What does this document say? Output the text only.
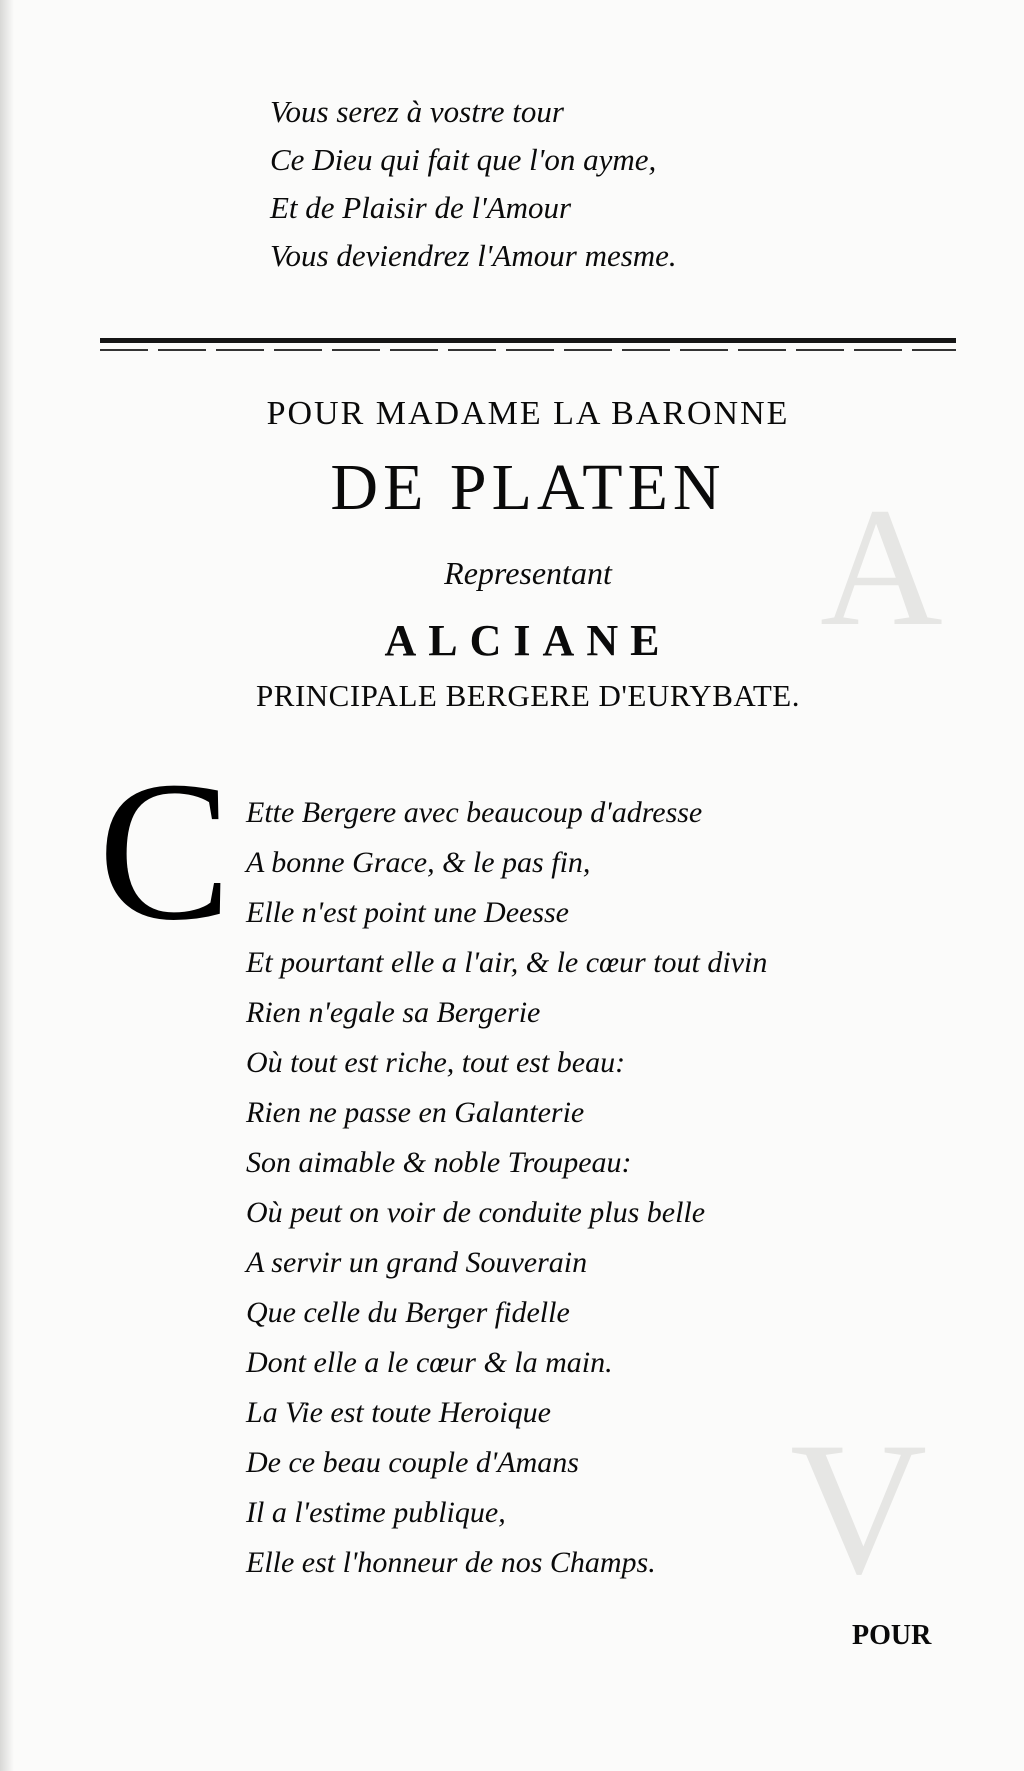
A
V
Vous serez à vostre tour
Ce Dieu qui fait que l'on ayme,
Et de Plaisir de l'Amour
Vous deviendrez l'Amour mesme.
POUR MADAME LA BARONNE
DE PLATEN
Representant
ALCIANE
PRINCIPALE BERGERE D'EURYBATE.
C Ette Bergere avec beaucoup d'adresse
A bonne Grace, & le pas fin,
Elle n'est point une Deesse
Et pourtant elle a l'air, & le cœur tout divin
Rien n'egale sa Bergerie
Où tout est riche, tout est beau:
Rien ne passe en Galanterie
Son aimable & noble Troupeau:
Où peut on voir de conduite plus belle
A servir un grand Souverain
Que celle du Berger fidelle
Dont elle a le cœur & la main.
La Vie est toute Heroique
De ce beau couple d'Amans
Il a l'estime publique,
Elle est l'honneur de nos Champs.
POUR
